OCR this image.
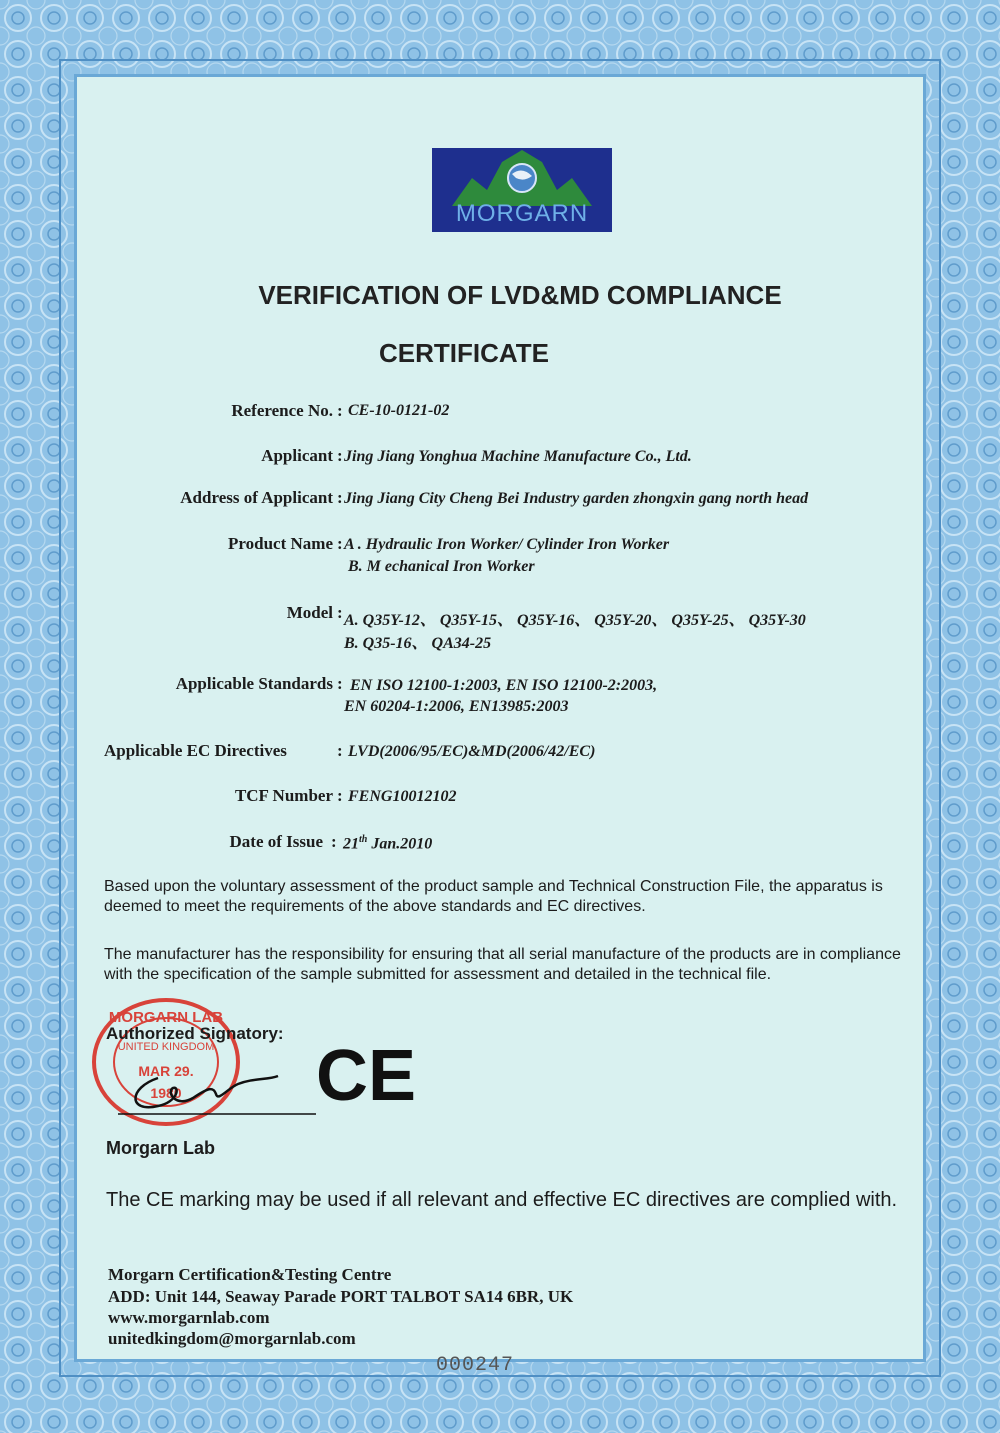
MORGARN
VERIFICATION OF LVD&MD COMPLIANCE
CERTIFICATE
Reference No. : CE-10-0121-02
Applicant : Jing Jiang Yonghua Machine Manufacture Co., Ltd.
Address of Applicant : Jing Jiang City Cheng Bei Industry garden zhongxin gang north head
Product Name : A . Hydraulic Iron Worker/ Cylinder Iron Worker
B. M echanical Iron Worker
Model : A. Q35Y-12、 Q35Y-15、 Q35Y-16、 Q35Y-20、 Q35Y-25、 Q35Y-30
B. Q35-16、 QA34-25
Applicable Standards : EN ISO 12100-1:2003, EN ISO 12100-2:2003,
EN 60204-1:2006, EN13985:2003
Applicable EC Directives	: LVD(2006/95/EC)&MD(2006/42/EC)
TCF Number : FENG10012102
Date of Issue : 21th Jan.2010
Based upon the voluntary assessment of the product sample and Technical Construction File, the apparatus is deemed to meet the requirements of the above standards and EC directives.
The manufacturer has the responsibility for ensuring that all serial manufacture of the products are in compliance with the specification of the sample submitted for assessment and detailed in the technical file.
MORGARN LAB
UNITED KINGDOM
MAR 29.
1980
Authorized Signatory:
CE
Morgarn Lab
The CE marking may be used if all relevant and effective EC directives are complied with.
Morgarn Certification&Testing Centre
ADD: Unit 144, Seaway Parade PORT TALBOT SA14 6BR, UK
www.morgarnlab.com
unitedkingdom@morgarnlab.com
000247
